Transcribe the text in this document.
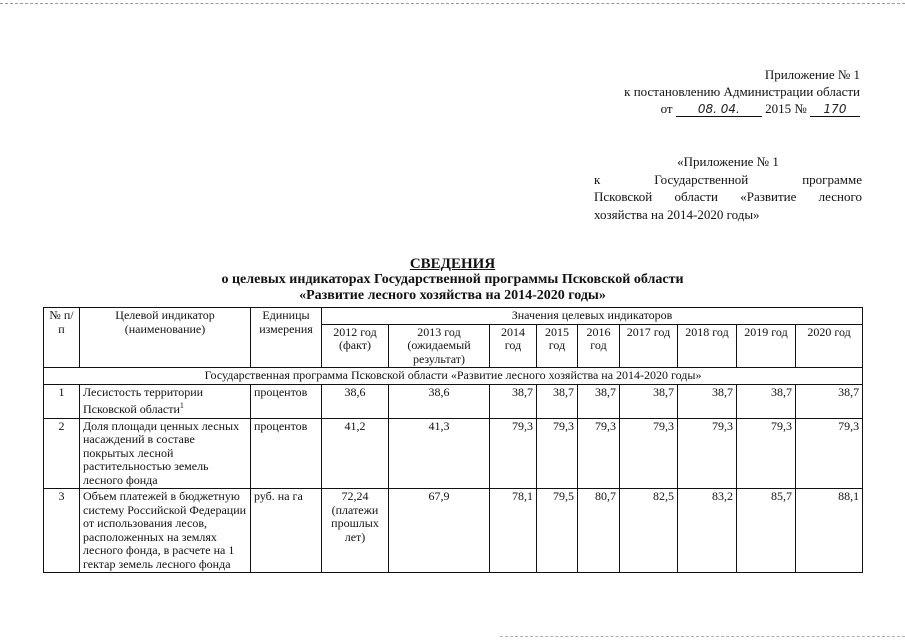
Приложение № 1
к постановлению Администрации области
от 08. 04. 2015 № 170
«Приложение № 1
к Государственной программе
Псковской области «Развитие лесного
хозяйства на 2014-2020 годы»
СВЕДЕНИЯ
о целевых индикаторах Государственной программы Псковской области
«Развитие лесного хозяйства на 2014-2020 годы»
№ п/п	Целевой индикатор (наименование)	Единицы измерения	Значения целевых индикаторов								
			2012 год (факт)	2013 год (ожидаемый результат)	2014 год	2015 год	2016 год	2017 год	2018 год	2019 год	2020 год
Государственная программа Псковской области «Развитие лесного хозяйства на 2014-2020 годы»											
1	Лесистость территории Псковской области$^1$	процентов	38,6	38,6	38,7	38,7	38,7	38,7	38,7	38,7	38,7
2	Доля площади ценных лесных насаждений в составе покрытых лесной растительностью земель лесного фонда	процентов	41,2	41,3	79,3	79,3	79,3	79,3	79,3	79,3	79,3
3	Объем платежей в бюджетную систему Российской Федерации от использования лесов, расположенных на землях лесного фонда, в расчете на 1 гектар земель лесного фонда	руб. на га	72,24 (платежи прошлых лет)	67,9	78,1	79,5	80,7	82,5	83,2	85,7	88,1
